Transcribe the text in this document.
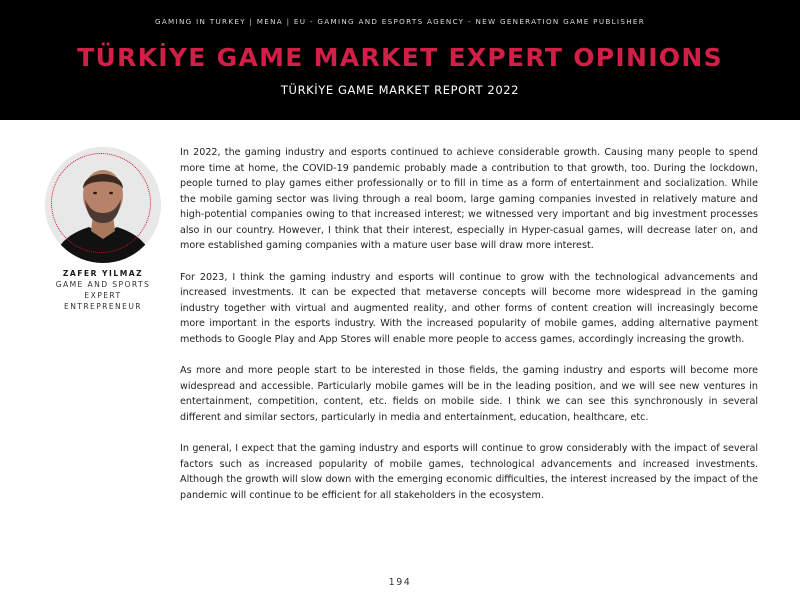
GAMING IN TURKEY | MENA | EU - GAMING AND ESPORTS AGENCY - NEW GENERATION GAME PUBLISHER
TÜRKİYE GAME MARKET EXPERT OPINIONS
TÜRKİYE GAME MARKET REPORT 2022
ZAFER YILMAZ
GAME AND SPORTS
EXPERT
ENTREPRENEUR

In 2022, the gaming industry and esports continued to achieve considerable growth. Causing many people to spend more time at home, the COVID-19 pandemic probably made a contribution to that growth, too. During the lockdown, people turned to play games either professionally or to fill in time as a form of entertainment and socialization. While the mobile gaming sector was living through a real boom, large gaming companies invested in relatively mature and high-potential companies owing to that increased interest; we witnessed very important and big investment processes also in our country. However, I think that their interest, especially in Hyper-casual games, will decrease later on, and more established gaming companies with a mature user base will draw more interest.

For 2023, I think the gaming industry and esports will continue to grow with the technological advancements and increased investments. It can be expected that metaverse concepts will become more widespread in the gaming industry together with virtual and augmented reality, and other forms of content creation will increasingly become more important in the esports industry. With the increased popularity of mobile games, adding alternative payment methods to Google Play and App Stores will enable more people to access games, accordingly increasing the growth.

As more and more people start to be interested in those fields, the gaming industry and esports will become more widespread and accessible. Particularly mobile games will be in the leading position, and we will see new ventures in entertainment, competition, content, etc. fields on mobile side. I think we can see this synchronously in several different and similar sectors, particularly in media and entertainment, education, healthcare, etc.

In general, I expect that the gaming industry and esports will continue to grow considerably with the impact of several factors such as increased popularity of mobile games, technological advancements and increased investments. Although the growth will slow down with the emerging economic difficulties, the interest increased by the impact of the pandemic will continue to be efficient for all stakeholders in the ecosystem.

194
